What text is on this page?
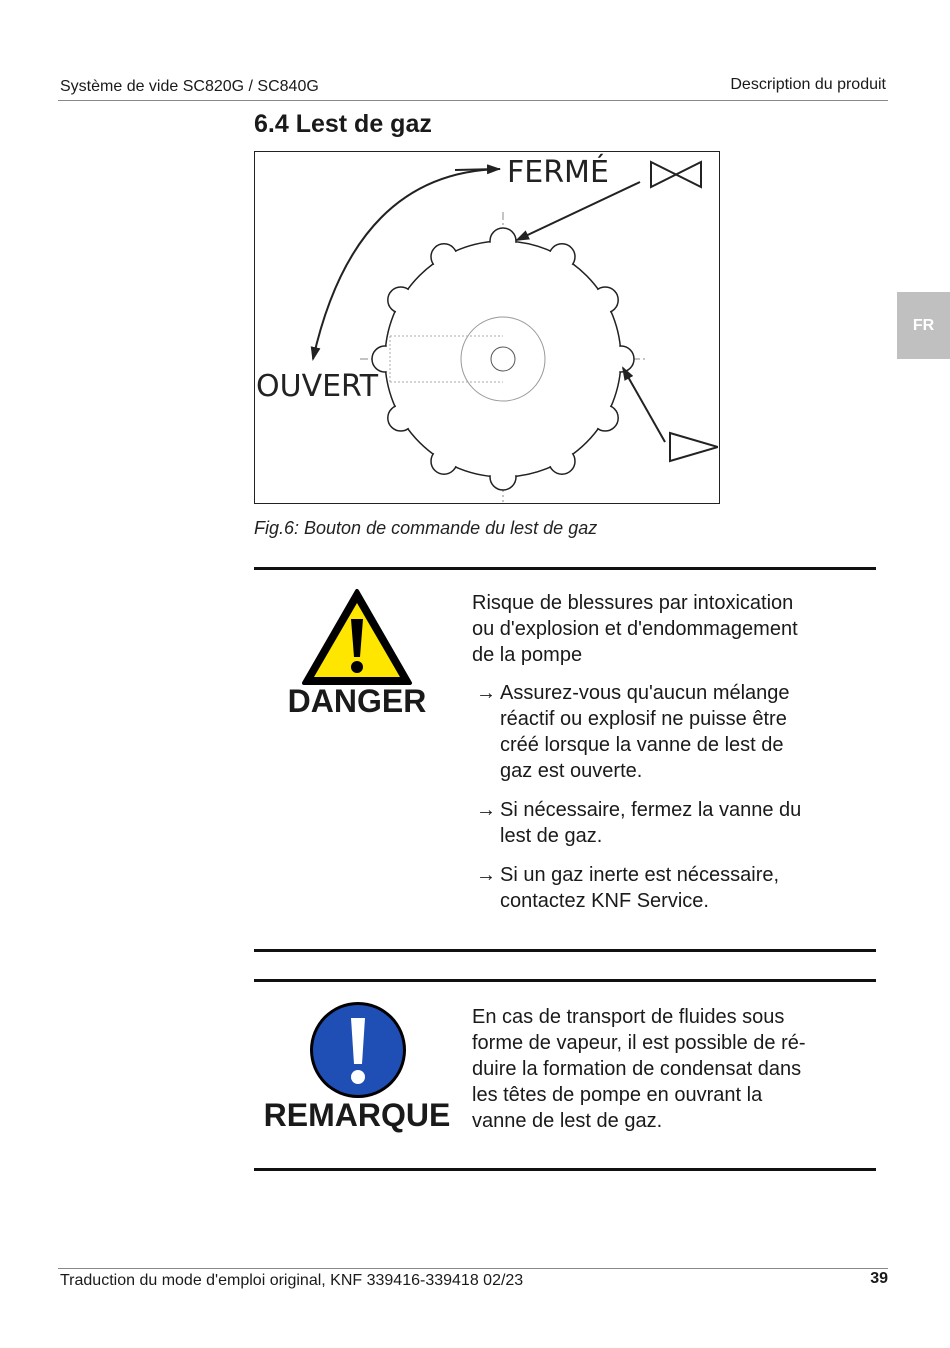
Système de vide SC820G / SC840G	Description du produit
FR
6.4 Lest de gaz
FERMÉ
OUVERT
Fig.6: Bouton de commande du lest de gaz
DANGER
Risque de blessures par intoxication
ou d'explosion et d'endommagement
de la pompe
→ Assurez-vous qu'aucun mélange
réactif ou explosif ne puisse être
créé lorsque la vanne de lest de
gaz est ouverte.
→ Si nécessaire, fermez la vanne du
lest de gaz.
→ Si un gaz inerte est nécessaire,
contactez KNF Service.
REMARQUE
En cas de transport de fluides sous
forme de vapeur, il est possible de ré-
duire la formation de condensat dans
les têtes de pompe en ouvrant la
vanne de lest de gaz.
Traduction du mode d'emploi original, KNF 339416-339418 02/23	39
